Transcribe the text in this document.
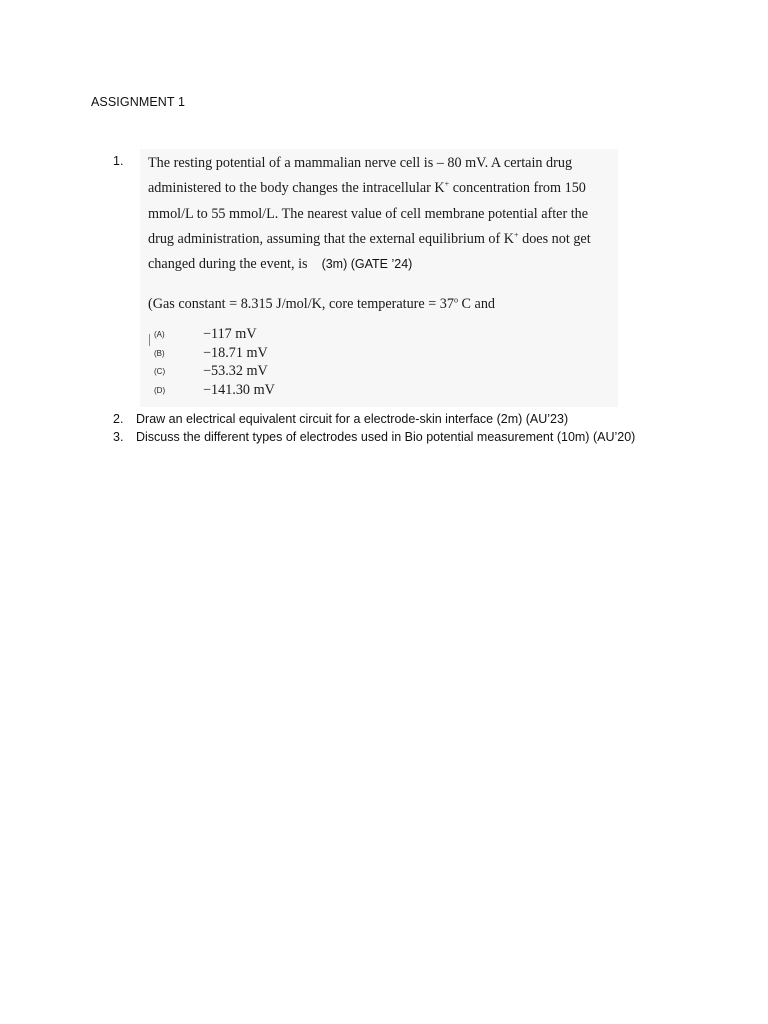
ASSIGNMENT 1
1. The resting potential of a mammalian nerve cell is – 80 mV. A certain drug
administered to the body changes the intracellular K+ concentration from 150
mmol/L to 55 mmol/L. The nearest value of cell membrane potential after the
drug administration, assuming that the external equilibrium of K+ does not get
changed during the event, is (3m) (GATE ’24)
(Gas constant = 8.315 J/mol/K, core temperature = $37^o$ C and
(A)	−117 mV
(B)	−18.71 mV
(C)	−53.32 mV
(D)	−141.30 mV
2. Draw an electrical equivalent circuit for a electrode-skin interface (2m) (AU’23)
3. Discuss the different types of electrodes used in Bio potential measurement (10m) (AU’20)
